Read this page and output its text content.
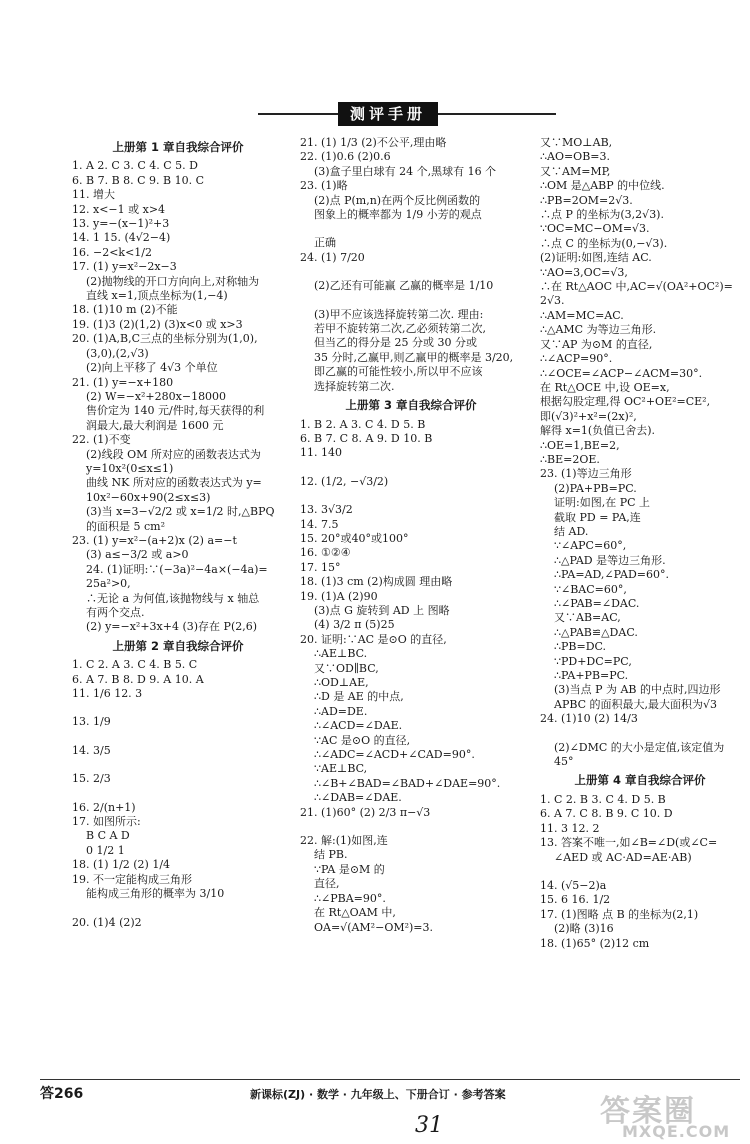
测评手册
上册第 1 章自我综合评价
1. A 2. C 3. C 4. C 5. D
6. B 7. B 8. C 9. B 10. C
11. 增大
12. x<−1 或 x>4
13. y=−(x−1)²+3
14. 1 15. (4√2−4)
16. −2<k<1/2
17. (1) y=x²−2x−3
(2)抛物线的开口方向向上,对称轴为
直线 x=1,顶点坐标为(1,−4)
18. (1)10 m (2)不能
19. (1)3 (2)(1,2) (3)x<0 或 x>3
20. (1)A,B,C三点的坐标分别为(1,0),
(3,0),(2,√3)
(2)向上平移了 4√3 个单位
21. (1) y=−x+180
(2) W=−x²+280x−18000
售价定为 140 元/件时,每天获得的利
润最大,最大利润是 1600 元
22. (1)不变
(2)线段 OM 所对应的函数表达式为
y=10x²(0≤x≤1)
曲线 NK 所对应的函数表达式为 y=
10x²−60x+90(2≤x≤3)
(3)当 x=3−√2/2 或 x=1/2 时,△BPQ
的面积是 5 cm²
23. (1) y=x²−(a+2)x (2) a=−t
(3) a≤−3/2 或 a>0
24. (1)证明:∵(−3a)²−4a×(−4a)=
25a²>0,
∴无论 a 为何值,该抛物线与 x 轴总
有两个交点.
(2) y=−x²+3x+4 (3)存在 P(2,6)
上册第 2 章自我综合评价
1. C 2. A 3. C 4. B 5. C
6. A 7. B 8. D 9. A 10. A
11. 1/6 12. 3
13. 1/9
14. 3/5
15. 2/3
16. 2/(n+1)
17. 如图所示:
B C A D
0 1/2 1
18. (1) 1/2 (2) 1/4
19. 不一定能构成三角形
能构成三角形的概率为 3/10
20. (1)4 (2)2
21. (1) 1/3 (2)不公平,理由略
22. (1)0.6 (2)0.6
(3)盒子里白球有 24 个,黑球有 16 个
23. (1)略
(2)点 P(m,n)在两个反比例函数的
图象上的概率都为 1/9 小芳的观点
正确
24. (1) 7/20
(2)乙还有可能赢 乙赢的概率是 1/10
(3)甲不应该选择旋转第二次. 理由:
若甲不旋转第二次,乙必须转第二次,
但当乙的得分是 25 分或 30 分或
35 分时,乙赢甲,则乙赢甲的概率是 3/20,
即乙赢的可能性较小,所以甲不应该
选择旋转第二次.
上册第 3 章自我综合评价
1. B 2. A 3. C 4. D 5. B
6. B 7. C 8. A 9. D 10. B
11. 140
12. (1/2, −√3/2)
13. 3√3/2
14. 7.5
15. 20°或40°或100°
16. ①②④
17. 15°
18. (1)3 cm (2)构成圆 理由略
19. (1)A (2)90
(3)点 G 旋转到 AD 上 图略
(4) 3/2 π (5)25
20. 证明:∵AC 是⊙O 的直径,
∴AE⊥BC.
又∵OD∥BC,
∴OD⊥AE,
∴D 是 AE 的中点,
∴AD=DE.
∴∠ACD=∠DAE.
∵AC 是⊙O 的直径,
∴∠ADC=∠ACD+∠CAD=90°.
∵AE⊥BC,
∴∠B+∠BAD=∠BAD+∠DAE=90°.
∴∠DAB=∠DAE.
21. (1)60° (2) 2/3 π−√3
22. 解:(1)如图,连
结 PB.
∵PA 是⊙M 的
直径,
∴∠PBA=90°.
在 Rt△OAM 中,
OA=√(AM²−OM²)=3.
又∵MO⊥AB,
∴AO=OB=3.
又∵AM=MP,
∴OM 是△ABP 的中位线.
∴PB=2OM=2√3.
∴点 P 的坐标为(3,2√3).
∵OC=MC−OM=√3.
∴点 C 的坐标为(0,−√3).
(2)证明:如图,连结 AC.
∵AO=3,OC=√3,
∴在 Rt△AOC 中,AC=√(OA²+OC²)=
2√3.
∴AM=MC=AC.
∴△AMC 为等边三角形.
又∵AP 为⊙M 的直径,
∴∠ACP=90°.
∴∠OCE=∠ACP−∠ACM=30°.
在 Rt△OCE 中,设 OE=x,
根据勾股定理,得 OC²+OE²=CE²,
即(√3)²+x²=(2x)²,
解得 x=1(负值已舍去).
∴OE=1,BE=2,
∴BE=2OE.
23. (1)等边三角形
(2)PA+PB=PC.
证明:如图,在 PC 上
截取 PD = PA,连
结 AD.
∵∠APC=60°,
∴△PAD 是等边三角形.
∴PA=AD,∠PAD=60°.
∵∠BAC=60°,
∴∠PAB=∠DAC.
又∵AB=AC,
∴△PAB≌△DAC.
∴PB=DC.
∵PD+DC=PC,
∴PA+PB=PC.
(3)当点 P 为 AB 的中点时,四边形
APBC 的面积最大,最大面积为√3
24. (1)10 (2) 14/3
(2)∠DMC 的大小是定值,该定值为
45°
上册第 4 章自我综合评价
1. C 2. B 3. C 4. D 5. B
6. A 7. C 8. B 9. C 10. D
11. 3 12. 2
13. 答案不唯一,如∠B=∠D(或∠C=
∠AED 或 AC·AD=AE·AB)
14. (√5−2)a
15. 6 16. 1/2
17. (1)图略 点 B 的坐标为(2,1)
(2)略 (3)16
18. (1)65° (2)12 cm
答266	新课标(ZJ) · 数学 · 九年级上、下册合订 · 参考答案
31	答案圈
MXQE.COM
